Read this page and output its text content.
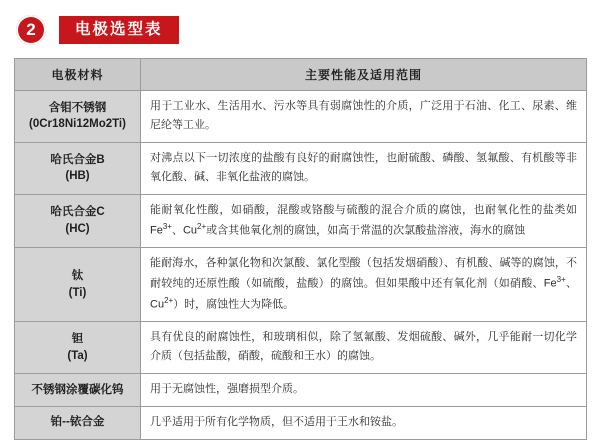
2	电极选型表
电极材料	主要性能及适用范围

含钼不锈钢
(0Cr18Ni12Mo2Ti)	用于工业水、生活用水、污水等具有弱腐蚀性的介质，广泛用于石油、化工、尿素、维尼纶等工业。

哈氏合金B
(HB)	对沸点以下一切浓度的盐酸有良好的耐腐蚀性，也耐硫酸、磷酸、氢氟酸、有机酸等非氧化酸、碱、非氧化盐液的腐蚀。

哈氏合金C
(HC)	能耐氧化性酸，如硝酸，混酸或铬酸与硫酸的混合介质的腐蚀，也耐氧化性的盐类如$Fe^{3+}$、$Cu^{2+}$或含其他氧化剂的腐蚀，如高于常温的次氯酸盐溶液，海水的腐蚀

钛
(Ti)	能耐海水，各种氯化物和次氯酸、氯化型酸（包括发烟硝酸）、有机酸、碱等的腐蚀，不耐较纯的还原性酸（如硫酸，盐酸）的腐蚀。但如果酸中还有氧化剂（如硝酸、$Fe^{3+}$、$Cu^{2+}$）时，腐蚀性大为降低。

钽
(Ta)	具有优良的耐腐蚀性，和玻璃相似，除了氢氟酸、发烟硫酸、碱外，几乎能耐一切化学介质（包括盐酸，硝酸，硫酸和王水）的腐蚀。

不锈钢涂覆碳化钨	用于无腐蚀性，强磨损型介质。

铂--铱合金	几乎适用于所有化学物质，但不适用于王水和铵盐。
